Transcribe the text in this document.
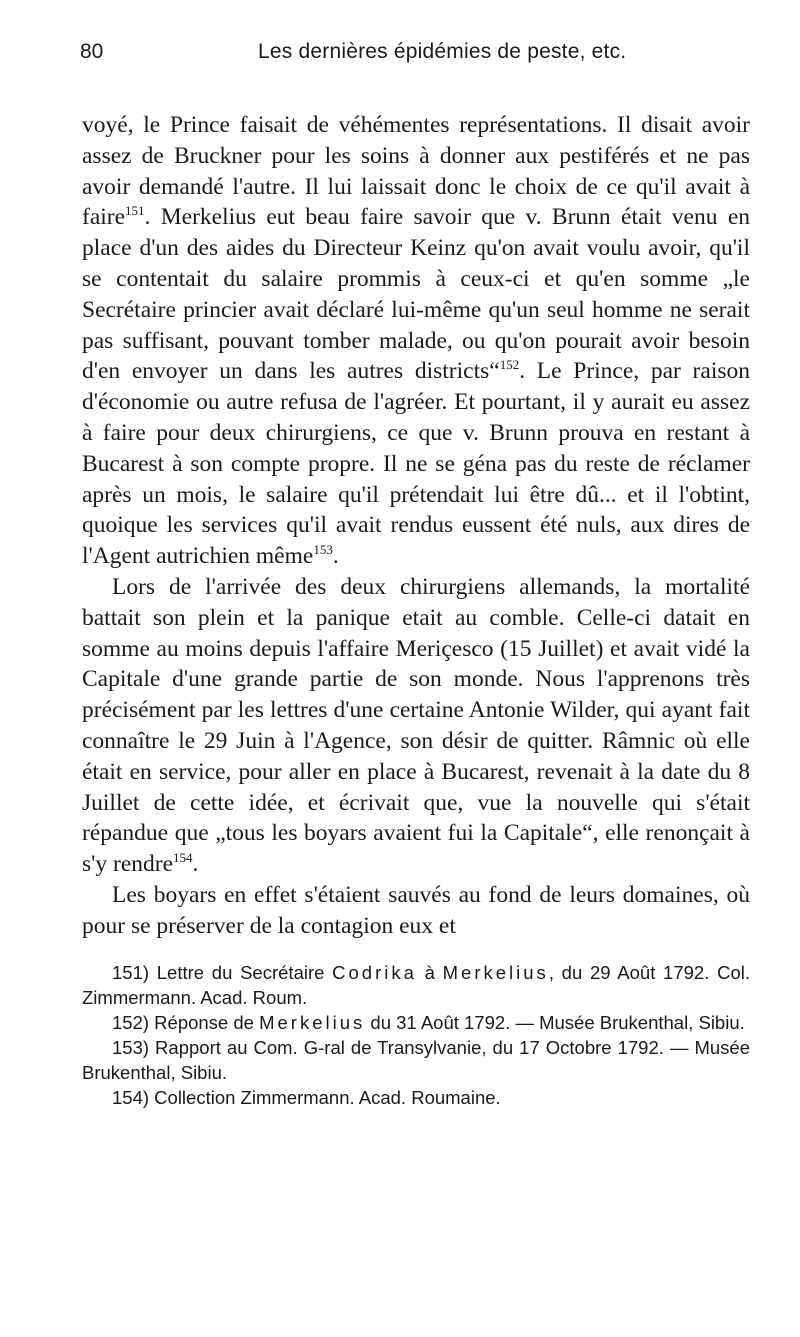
80	Les dernières épidémies de peste, etc.

voyé, le Prince faisait de véhémentes représentations. Il disait avoir assez de Bruckner pour les soins à donner aux pestiférés et ne pas avoir demandé l'autre. Il lui laissait donc le choix de ce qu'il avait à faire$^{151}$. Merkelius eut beau faire savoir que v. Brunn était venu en place d'un des aides du Directeur Keinz qu'on avait voulu avoir, qu'il se contentait du salaire prommis à ceux-ci et qu'en somme „le Secrétaire princier avait déclaré lui-même qu'un seul homme ne serait pas suffisant, pouvant tomber malade, ou qu'on pourait avoir besoin d'en envoyer un dans les autres districts“$^{152}$. Le Prince, par raison d'économie ou autre refusa de l'agréer. Et pourtant, il y aurait eu assez à faire pour deux chirurgiens, ce que v. Brunn prouva en restant à Bucarest à son compte propre. Il ne se géna pas du reste de réclamer après un mois, le salaire qu'il prétendait lui être dû... et il l'obtint, quoique les services qu'il avait rendus eussent été nuls, aux dires de l'Agent autrichien même$^{153}$.

Lors de l'arrivée des deux chirurgiens allemands, la mortalité battait son plein et la panique etait au comble. Celle-ci datait en somme au moins depuis l'affaire Meriçesco (15 Juillet) et avait vidé la Capitale d'une grande partie de son monde. Nous l'apprenons très précisément par les lettres d'une certaine Antonie Wilder, qui ayant fait connaître le 29 Juin à l'Agence, son désir de quitter. Râmnic où elle était en service, pour aller en place à Bucarest, revenait à la date du 8 Juillet de cette idée, et écrivait que, vue la nouvelle qui s'était répandue que „tous les boyars avaient fui la Capitale“, elle renonçait à s'y rendre$^{154}$.

Les boyars en effet s'étaient sauvés au fond de leurs domaines, où pour se préserver de la contagion eux et

151) Lettre du Secrétaire Codrika à Merkelius, du 29 Août 1792. Col. Zimmermann. Acad. Roum.
152) Réponse de Merkelius du 31 Août 1792. — Musée Brukenthal, Sibiu.
153) Rapport au Com. G-ral de Transylvanie, du 17 Octobre 1792. — Musée Brukenthal, Sibiu.
154) Collection Zimmermann. Acad. Roumaine.
